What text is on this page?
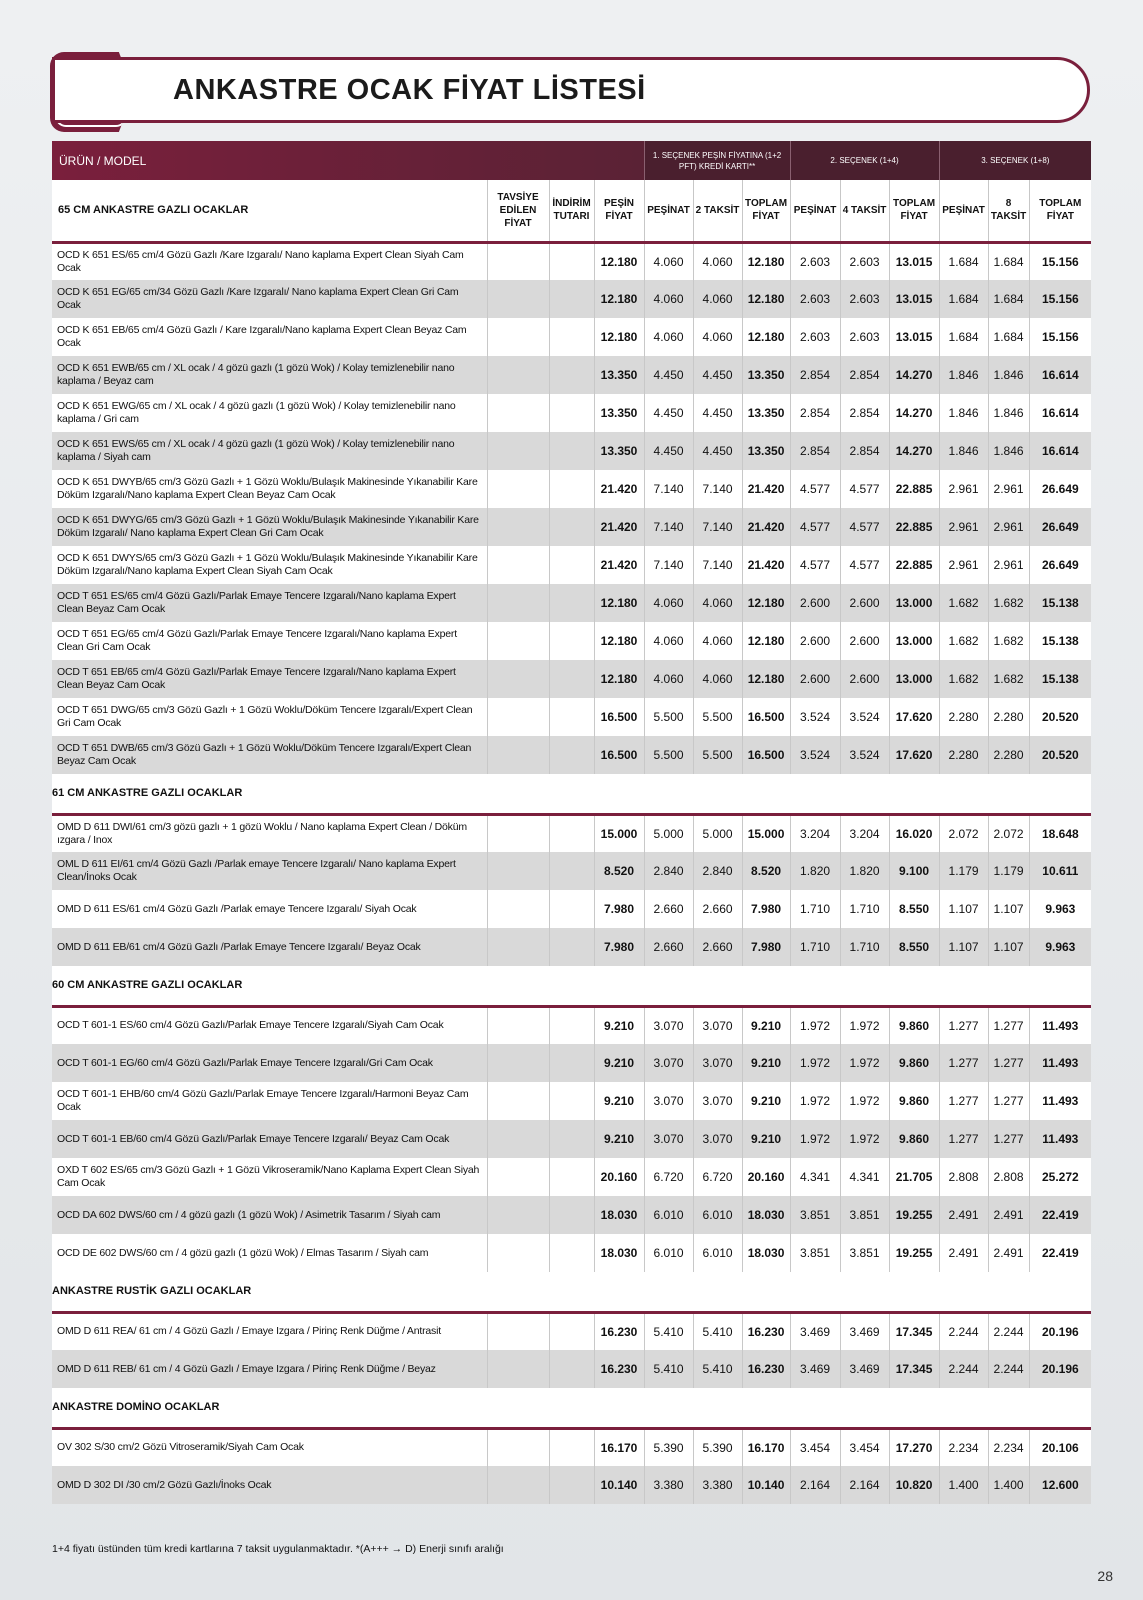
ANKASTRE OCAK FİYAT LİSTESİ
ÜRÜN / MODEL				1. SEÇENEK PEŞİN FİYATINA (1+2 PFT) KREDİ KARTI**			2. SEÇENEK (1+4)			3. SEÇENEK (1+8)		
65 CM ANKASTRE GAZLI OCAKLAR	TAVSİYE EDİLEN FİYAT	İNDİRİM TUTARI	PEŞİN FİYAT	PEŞİNAT	2 TAKSİT	TOPLAM FİYAT	PEŞİNAT	4 TAKSİT	TOPLAM FİYAT	PEŞİNAT	8 TAKSİT	TOPLAM FİYAT
OCD K 651 ES/65 cm/4 Gözü Gazlı /Kare Izgaralı/ Nano kaplama Expert Clean Siyah Cam Ocak			12.180	4.060	4.060	12.180	2.603	2.603	13.015	1.684	1.684	15.156
OCD K 651 EG/65 cm/34 Gözü Gazlı /Kare Izgaralı/ Nano kaplama Expert Clean Gri Cam Ocak			12.180	4.060	4.060	12.180	2.603	2.603	13.015	1.684	1.684	15.156
OCD K 651 EB/65 cm/4 Gözü Gazlı / Kare Izgaralı/Nano kaplama Expert Clean Beyaz Cam Ocak			12.180	4.060	4.060	12.180	2.603	2.603	13.015	1.684	1.684	15.156
OCD K 651 EWB/65 cm / XL ocak / 4 gözü gazlı (1 gözü Wok) / Kolay temizlenebilir nano kaplama / Beyaz cam			13.350	4.450	4.450	13.350	2.854	2.854	14.270	1.846	1.846	16.614
OCD K 651 EWG/65 cm / XL ocak / 4 gözü gazlı (1 gözü Wok) / Kolay temizlenebilir nano kaplama / Gri cam			13.350	4.450	4.450	13.350	2.854	2.854	14.270	1.846	1.846	16.614
OCD K 651 EWS/65 cm / XL ocak / 4 gözü gazlı (1 gözü Wok) / Kolay temizlenebilir nano kaplama / Siyah cam			13.350	4.450	4.450	13.350	2.854	2.854	14.270	1.846	1.846	16.614
OCD K 651 DWYB/65 cm/3 Gözü Gazlı + 1 Gözü Woklu/Bulaşık Makinesinde Yıkanabilir Kare Döküm Izgaralı/Nano kaplama Expert Clean Beyaz Cam Ocak			21.420	7.140	7.140	21.420	4.577	4.577	22.885	2.961	2.961	26.649
OCD K 651 DWYG/65 cm/3 Gözü Gazlı + 1 Gözü Woklu/Bulaşık Makinesinde Yıkanabilir Kare Döküm Izgaralı/ Nano kaplama Expert Clean Gri Cam Ocak			21.420	7.140	7.140	21.420	4.577	4.577	22.885	2.961	2.961	26.649
OCD K 651 DWYS/65 cm/3 Gözü Gazlı + 1 Gözü Woklu/Bulaşık Makinesinde Yıkanabilir Kare Döküm Izgaralı/Nano kaplama Expert Clean Siyah Cam Ocak			21.420	7.140	7.140	21.420	4.577	4.577	22.885	2.961	2.961	26.649
OCD T 651 ES/65 cm/4 Gözü Gazlı/Parlak Emaye Tencere Izgaralı/Nano kaplama Expert Clean Beyaz Cam Ocak			12.180	4.060	4.060	12.180	2.600	2.600	13.000	1.682	1.682	15.138
OCD T 651 EG/65 cm/4 Gözü Gazlı/Parlak Emaye Tencere Izgaralı/Nano kaplama Expert Clean Gri Cam Ocak			12.180	4.060	4.060	12.180	2.600	2.600	13.000	1.682	1.682	15.138
OCD T 651 EB/65 cm/4 Gözü Gazlı/Parlak Emaye Tencere Izgaralı/Nano kaplama Expert Clean Beyaz Cam Ocak			12.180	4.060	4.060	12.180	2.600	2.600	13.000	1.682	1.682	15.138
OCD T 651 DWG/65 cm/3 Gözü Gazlı + 1 Gözü Woklu/Döküm Tencere Izgaralı/Expert Clean Gri Cam Ocak			16.500	5.500	5.500	16.500	3.524	3.524	17.620	2.280	2.280	20.520
OCD T 651 DWB/65 cm/3 Gözü Gazlı + 1 Gözü Woklu/Döküm Tencere Izgaralı/Expert Clean Beyaz Cam Ocak			16.500	5.500	5.500	16.500	3.524	3.524	17.620	2.280	2.280	20.520
61 CM ANKASTRE GAZLI OCAKLAR												
OMD D 611 DWI/61 cm/3 gözü gazlı + 1 gözü Woklu / Nano kaplama Expert Clean / Döküm ızgara / Inox			15.000	5.000	5.000	15.000	3.204	3.204	16.020	2.072	2.072	18.648
OML D 611 EI/61 cm/4 Gözü Gazlı /Parlak emaye Tencere Izgaralı/ Nano kaplama Expert Clean/İnoks Ocak			8.520	2.840	2.840	8.520	1.820	1.820	9.100	1.179	1.179	10.611
OMD D 611 ES/61 cm/4 Gözü Gazlı /Parlak emaye Tencere Izgaralı/ Siyah Ocak			7.980	2.660	2.660	7.980	1.710	1.710	8.550	1.107	1.107	9.963
OMD D 611 EB/61 cm/4 Gözü Gazlı /Parlak Emaye Tencere Izgaralı/ Beyaz Ocak			7.980	2.660	2.660	7.980	1.710	1.710	8.550	1.107	1.107	9.963
60 CM ANKASTRE GAZLI OCAKLAR												
OCD T 601-1 ES/60 cm/4 Gözü Gazlı/Parlak Emaye Tencere Izgaralı/Siyah Cam Ocak			9.210	3.070	3.070	9.210	1.972	1.972	9.860	1.277	1.277	11.493
OCD T 601-1 EG/60 cm/4 Gözü Gazlı/Parlak Emaye Tencere Izgaralı/Gri Cam Ocak			9.210	3.070	3.070	9.210	1.972	1.972	9.860	1.277	1.277	11.493
OCD T 601-1 EHB/60 cm/4 Gözü Gazlı/Parlak Emaye Tencere Izgaralı/Harmoni Beyaz Cam Ocak			9.210	3.070	3.070	9.210	1.972	1.972	9.860	1.277	1.277	11.493
OCD T 601-1 EB/60 cm/4 Gözü Gazlı/Parlak Emaye Tencere Izgaralı/ Beyaz Cam Ocak			9.210	3.070	3.070	9.210	1.972	1.972	9.860	1.277	1.277	11.493
OXD T 602 ES/65 cm/3 Gözü Gazlı + 1 Gözü Vikroseramik/Nano Kaplama Expert Clean Siyah Cam Ocak			20.160	6.720	6.720	20.160	4.341	4.341	21.705	2.808	2.808	25.272
OCD DA 602 DWS/60 cm / 4 gözü gazlı (1 gözü Wok) / Asimetrik Tasarım / Siyah cam			18.030	6.010	6.010	18.030	3.851	3.851	19.255	2.491	2.491	22.419
OCD DE 602 DWS/60 cm / 4 gözü gazlı (1 gözü Wok) / Elmas Tasarım / Siyah cam			18.030	6.010	6.010	18.030	3.851	3.851	19.255	2.491	2.491	22.419
ANKASTRE RUSTİK GAZLI OCAKLAR												
OMD D 611 REA/ 61 cm / 4 Gözü Gazlı / Emaye Izgara / Pirinç Renk Düğme / Antrasit			16.230	5.410	5.410	16.230	3.469	3.469	17.345	2.244	2.244	20.196
OMD D 611 REB/ 61 cm / 4 Gözü Gazlı / Emaye Izgara / Pirinç Renk Düğme / Beyaz			16.230	5.410	5.410	16.230	3.469	3.469	17.345	2.244	2.244	20.196
ANKASTRE DOMİNO OCAKLAR												
OV 302 S/30 cm/2 Gözü Vitroseramik/Siyah Cam Ocak			16.170	5.390	5.390	16.170	3.454	3.454	17.270	2.234	2.234	20.106
OMD D 302 DI /30 cm/2 Gözü Gazlı/İnoks Ocak			10.140	3.380	3.380	10.140	2.164	2.164	10.820	1.400	1.400	12.600
1+4 fiyatı üstünden tüm kredi kartlarına 7 taksit uygulanmaktadır. *(A+++ → D) Enerji sınıfı aralığı
28
